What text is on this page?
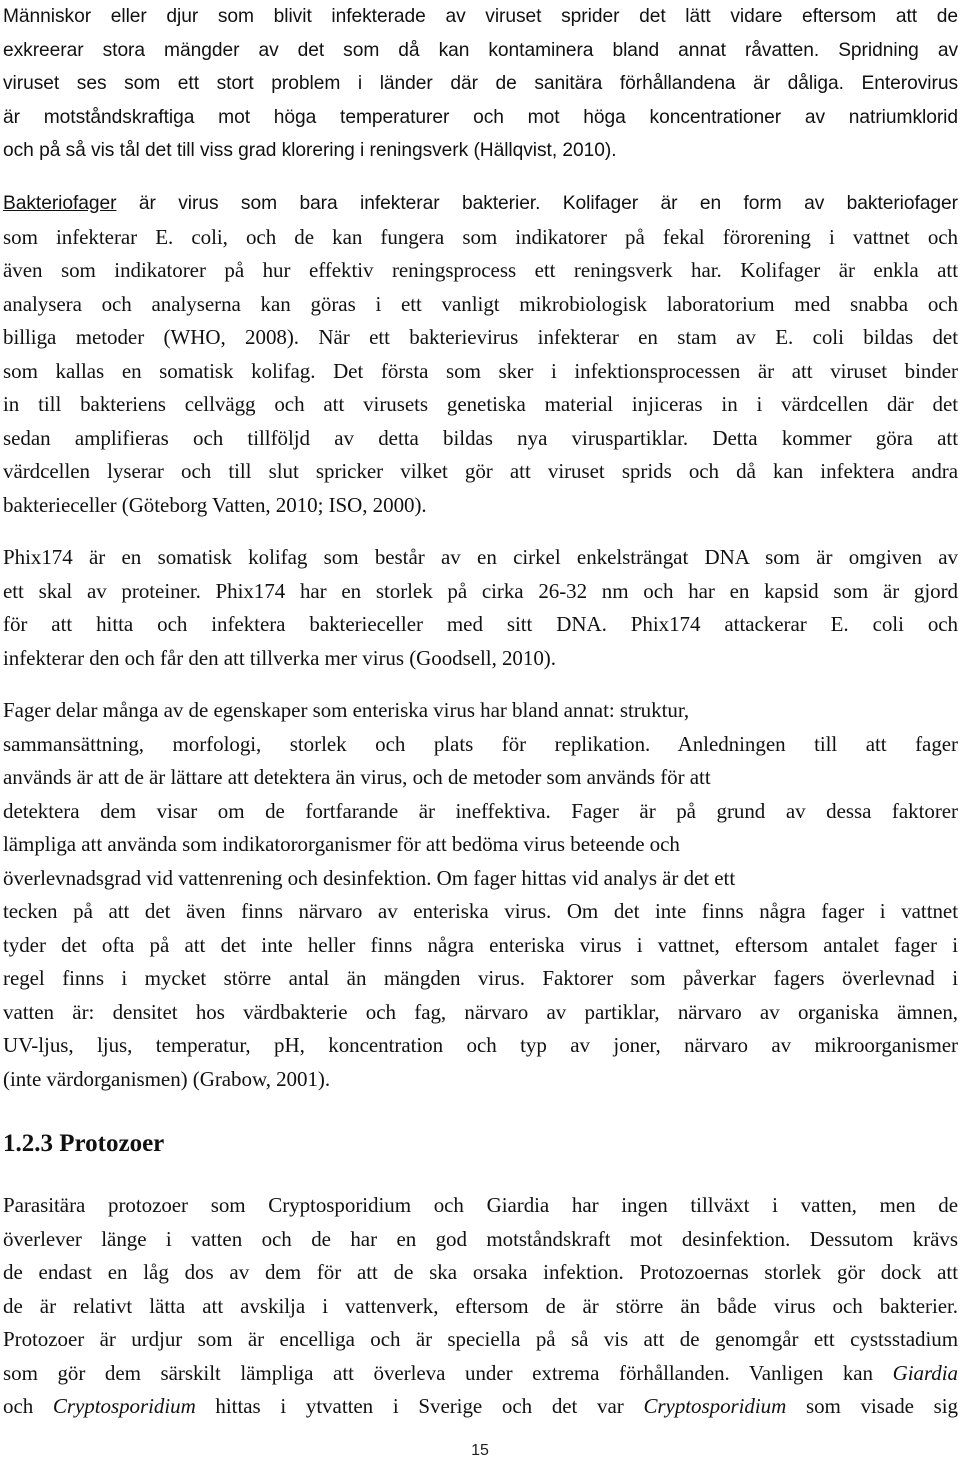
Människor eller djur som blivit infekterade av viruset sprider det lätt vidare eftersom att de
exkreerar stora mängder av det som då kan kontaminera bland annat råvatten. Spridning av
viruset ses som ett stort problem i länder där de sanitära förhållandena är dåliga. Enterovirus
är motståndskraftiga mot höga temperaturer och mot höga koncentrationer av natriumklorid
och på så vis tål det till viss grad klorering i reningsverk (Hällqvist, 2010).
Bakteriofager är virus som bara infekterar bakterier. Kolifager är en form av bakteriofager
som infekterar E. coli, och de kan fungera som indikatorer på fekal förorening i vattnet och
även som indikatorer på hur effektiv reningsprocess ett reningsverk har. Kolifager är enkla att
analysera och analyserna kan göras i ett vanligt mikrobiologisk laboratorium med snabba och
billiga metoder (WHO, 2008). När ett bakterievirus infekterar en stam av E. coli bildas det
som kallas en somatisk kolifag. Det första som sker i infektionsprocessen är att viruset binder
in till bakteriens cellvägg och att virusets genetiska material injiceras in i värdcellen där det
sedan amplifieras och tillföljd av detta bildas nya viruspartiklar. Detta kommer göra att
värdcellen lyserar och till slut spricker vilket gör att viruset sprids och då kan infektera andra
bakterieceller (Göteborg Vatten, 2010; ISO, 2000).
Phix174 är en somatisk kolifag som består av en cirkel enkelsträngat DNA som är omgiven av
ett skal av proteiner. Phix174 har en storlek på cirka 26-32 nm och har en kapsid som är gjord
för att hitta och infektera bakterieceller med sitt DNA. Phix174 attackerar E. coli och
infekterar den och får den att tillverka mer virus (Goodsell, 2010).
Fager delar många av de egenskaper som enteriska virus har bland annat: struktur,
sammansättning, morfologi, storlek och plats för replikation. Anledningen till att fager
används är att de är lättare att detektera än virus, och de metoder som används för att
detektera dem visar om de fortfarande är ineffektiva. Fager är på grund av dessa faktorer
lämpliga att använda som indikatororganismer för att bedöma virus beteende och
överlevnadsgrad vid vattenrening och desinfektion. Om fager hittas vid analys är det ett
tecken på att det även finns närvaro av enteriska virus. Om det inte finns några fager i vattnet
tyder det ofta på att det inte heller finns några enteriska virus i vattnet, eftersom antalet fager i
regel finns i mycket större antal än mängden virus. Faktorer som påverkar fagers överlevnad i
vatten är: densitet hos värdbakterie och fag, närvaro av partiklar, närvaro av organiska ämnen,
UV-ljus, ljus, temperatur, pH, koncentration och typ av joner, närvaro av mikroorganismer
(inte värdorganismen) (Grabow, 2001).
1.2.3 Protozoer
Parasitära protozoer som Cryptosporidium och Giardia har ingen tillväxt i vatten, men de
överlever länge i vatten och de har en god motståndskraft mot desinfektion. Dessutom krävs
de endast en låg dos av dem för att de ska orsaka infektion. Protozoernas storlek gör dock att
de är relativt lätta att avskilja i vattenverk, eftersom de är större än både virus och bakterier.
Protozoer är urdjur som är encelliga och är speciella på så vis att de genomgår ett cystsstadium
som gör dem särskilt lämpliga att överleva under extrema förhållanden. Vanligen kan Giardia
och Cryptosporidium hittas i ytvatten i Sverige och det var Cryptosporidium som visade sig
15
